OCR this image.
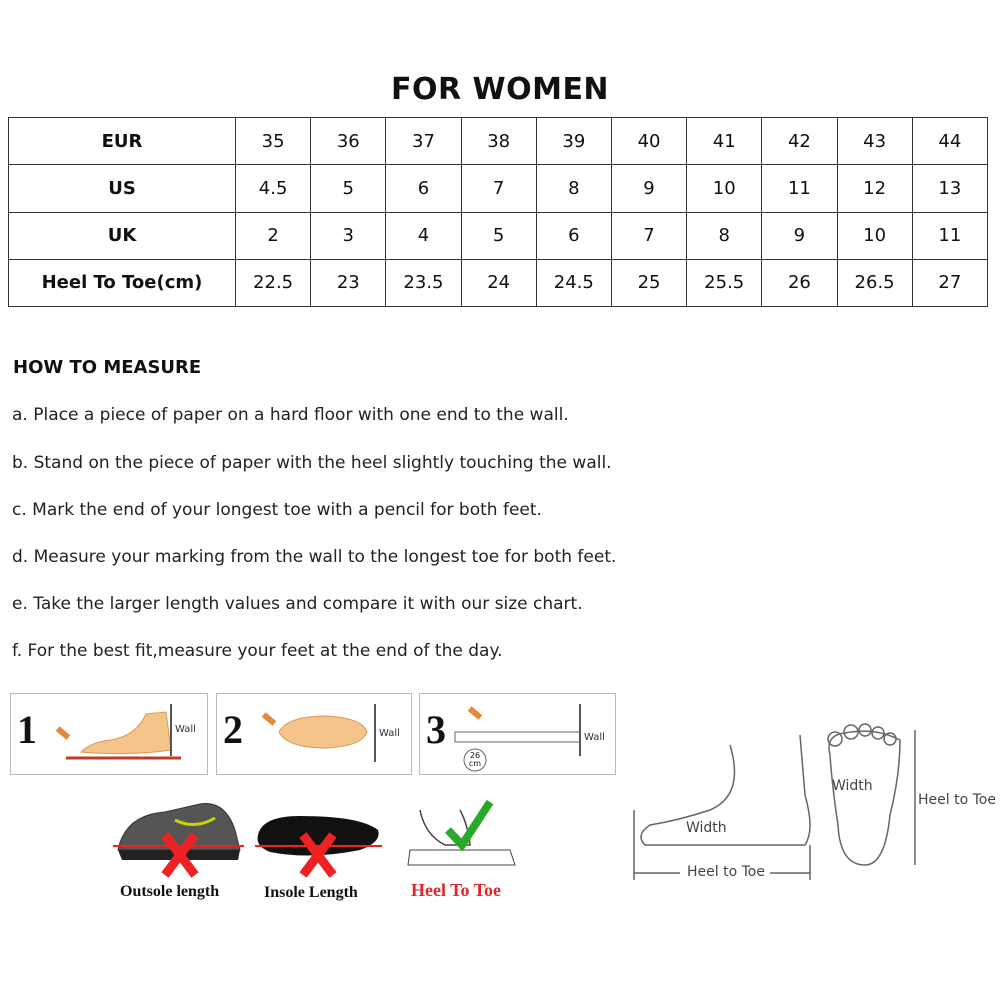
FOR WOMEN
EUR	35	36	37	38	39	40	41	42	43	44
US	4.5	5	6	7	8	9	10	11	12	13
UK	2	3	4	5	6	7	8	9	10	11
Heel To Toe(cm)	22.5	23	23.5	24	24.5	25	25.5	26	26.5	27
HOW TO MEASURE
a. Place a piece of paper on a hard floor with one end to the wall.
b. Stand on the piece of paper with the heel slightly touching the wall.
c. Mark the end of your longest toe with a pencil for both feet.
d. Measure your marking from the wall to the longest toe for both feet.
e. Take the larger length values and compare it with our size chart.
f. For the best fit,measure your feet at the end of the day.
1	Wall 2	Wall 3	Wall
26
cm
Outsole length	Insole Length	Heel To Toe
Width
Heel to Toe
Width
Heel to Toe
